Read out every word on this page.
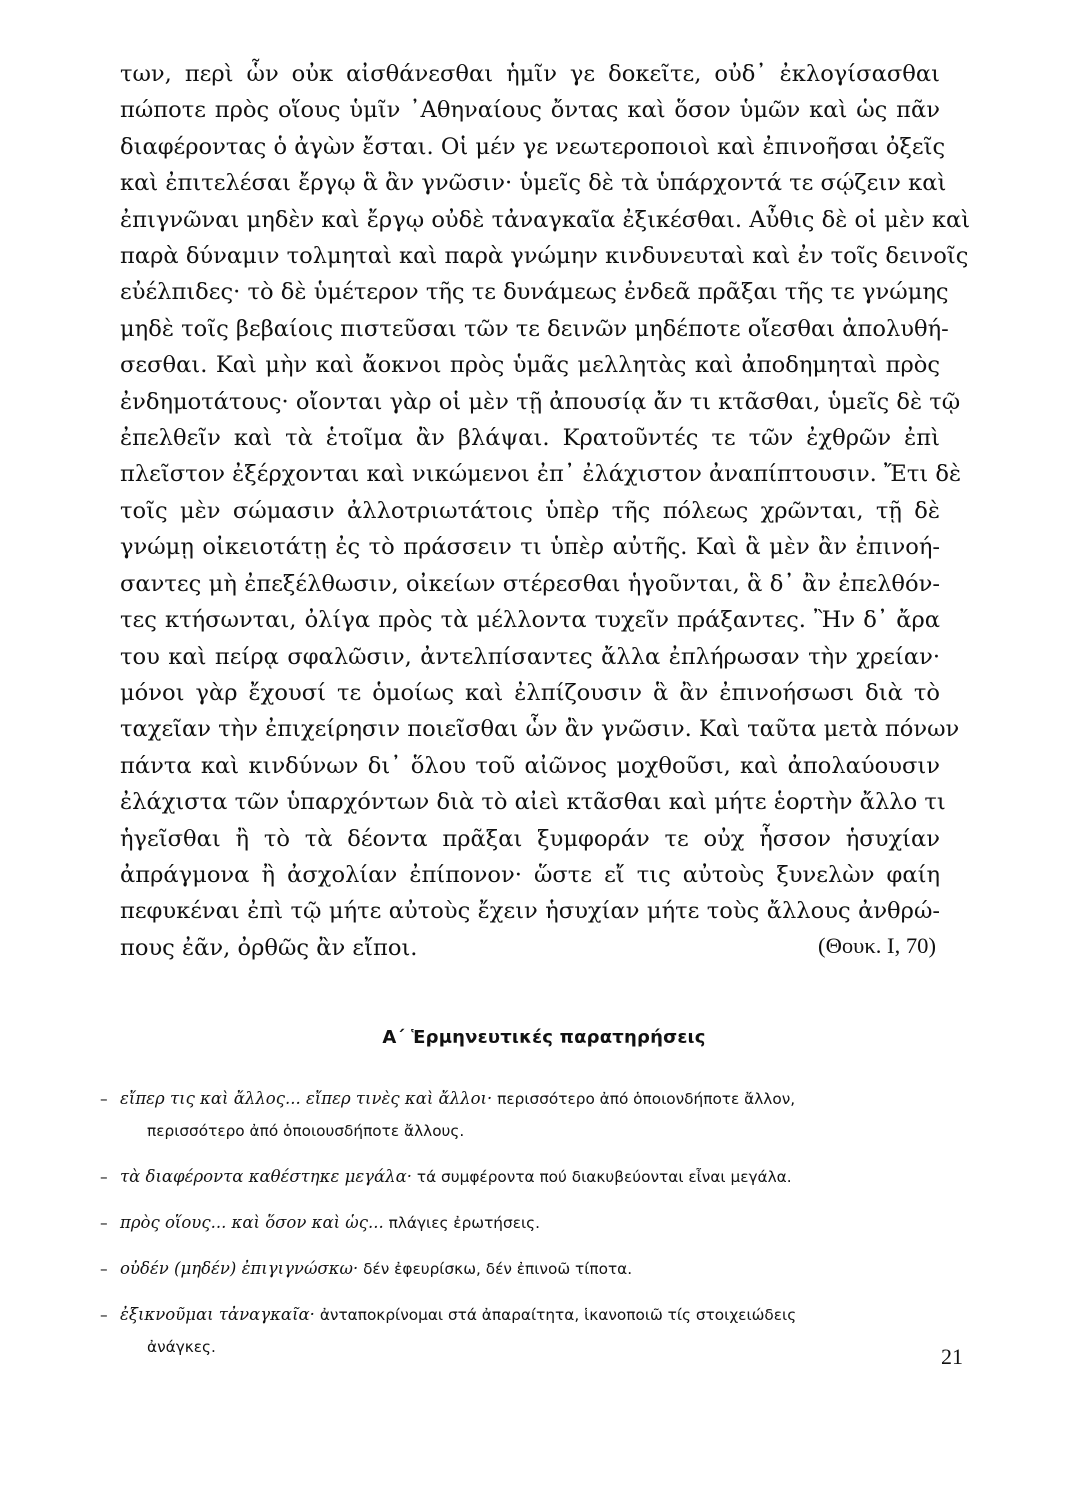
των, περὶ ὧν οὐκ αἰσθάνεσθαι ἡμῖν γε δοκεῖτε, οὐδ᾽ ἐκλογίσασθαι
πώποτε πρὸς οἵους ὑμῖν ᾽Αθηναίους ὄντας καὶ ὅσον ὑμῶν καὶ ὡς πᾶν
διαφέροντας ὁ ἀγὼν ἔσται. Οἱ μέν γε νεωτεροποιοὶ καὶ ἐπινοῆσαι ὀξεῖς
καὶ ἐπιτελέσαι ἔργῳ ἃ ἂν γνῶσιν· ὑμεῖς δὲ τὰ ὑπάρχοντά τε σῴζειν καὶ
ἐπιγνῶναι μηδὲν καὶ ἔργῳ οὐδὲ τἀναγκαῖα ἐξικέσθαι. Αὖθις δὲ οἱ μὲν καὶ
παρὰ δύναμιν τολμηταὶ καὶ παρὰ γνώμην κινδυνευταὶ καὶ ἐν τοῖς δεινοῖς
εὐέλπιδες· τὸ δὲ ὑμέτερον τῆς τε δυνάμεως ἐνδεᾶ πρᾶξαι τῆς τε γνώμης
μηδὲ τοῖς βεβαίοις πιστεῦσαι τῶν τε δεινῶν μηδέποτε οἴεσθαι ἀπολυθή-
σεσθαι. Καὶ μὴν καὶ ἄοκνοι πρὸς ὑμᾶς μελλητὰς καὶ ἀποδημηταὶ πρὸς
ἐνδημοτάτους· οἴονται γὰρ οἱ μὲν τῇ ἀπουσίᾳ ἄν τι κτᾶσθαι, ὑμεῖς δὲ τῷ
ἐπελθεῖν καὶ τὰ ἑτοῖμα ἂν βλάψαι. Κρατοῦντές τε τῶν ἐχθρῶν ἐπὶ
πλεῖστον ἐξέρχονται καὶ νικώμενοι ἐπ᾽ ἐλάχιστον ἀναπίπτουσιν. Ἔτι δὲ
τοῖς μὲν σώμασιν ἀλλοτριωτάτοις ὑπὲρ τῆς πόλεως χρῶνται, τῇ δὲ
γνώμῃ οἰκειοτάτῃ ἐς τὸ πράσσειν τι ὑπὲρ αὐτῆς. Καὶ ἃ μὲν ἂν ἐπινοή-
σαντες μὴ ἐπεξέλθωσιν, οἰκείων στέρεσθαι ἡγοῦνται, ἃ δ᾽ ἂν ἐπελθόν-
τες κτήσωνται, ὀλίγα πρὸς τὰ μέλλοντα τυχεῖν πράξαντες. Ἢν δ᾽ ἄρα
του καὶ πείρᾳ σφαλῶσιν, ἀντελπίσαντες ἄλλα ἐπλήρωσαν τὴν χρείαν·
μόνοι γὰρ ἔχουσί τε ὁμοίως καὶ ἐλπίζουσιν ἃ ἂν ἐπινοήσωσι διὰ τὸ
ταχεῖαν τὴν ἐπιχείρησιν ποιεῖσθαι ὧν ἂν γνῶσιν. Καὶ ταῦτα μετὰ πόνων
πάντα καὶ κινδύνων δι᾽ ὅλου τοῦ αἰῶνος μοχθοῦσι, καὶ ἀπολαύουσιν
ἐλάχιστα τῶν ὑπαρχόντων διὰ τὸ αἰεὶ κτᾶσθαι καὶ μήτε ἑορτὴν ἄλλο τι
ἡγεῖσθαι ἢ τὸ τὰ δέοντα πρᾶξαι ξυμφοράν τε οὐχ ἧσσον ἡσυχίαν
ἀπράγμονα ἢ ἀσχολίαν ἐπίπονον· ὥστε εἴ τις αὐτοὺς ξυνελὼν φαίη
πεφυκέναι ἐπὶ τῷ μήτε αὐτοὺς ἔχειν ἡσυχίαν μήτε τοὺς ἄλλους ἀνθρώ-
πους ἐᾶν, ὀρθῶς ἂν εἴποι.	(Θουκ. Ι, 70)
Α΄ Ἑρμηνευτικές παρατηρήσεις
– εἴπερ τις καὶ ἄλλος... εἴπερ τινὲς καὶ ἄλλοι· περισσότερο ἀπό ὁποιονδήποτε ἄλλον,
περισσότερο ἀπό ὁποιουσδήποτε ἄλλους.
– τὰ διαφέροντα καθέστηκε μεγάλα· τά συμφέροντα πού διακυβεύονται εἶναι μεγάλα.
– πρὸς οἵους... καὶ ὅσον καὶ ὡς... πλάγιες ἐρωτήσεις.
– οὐδέν (μηδέν) ἐπιγιγνώσκω· δέν ἐφευρίσκω, δέν ἐπινοῶ τίποτα.
– ἐξικνοῦμαι τἀναγκαῖα· ἀνταποκρίνομαι στά ἀπαραίτητα, ἱκανοποιῶ τίς στοιχειώδεις
ἀνάγκες.	21
